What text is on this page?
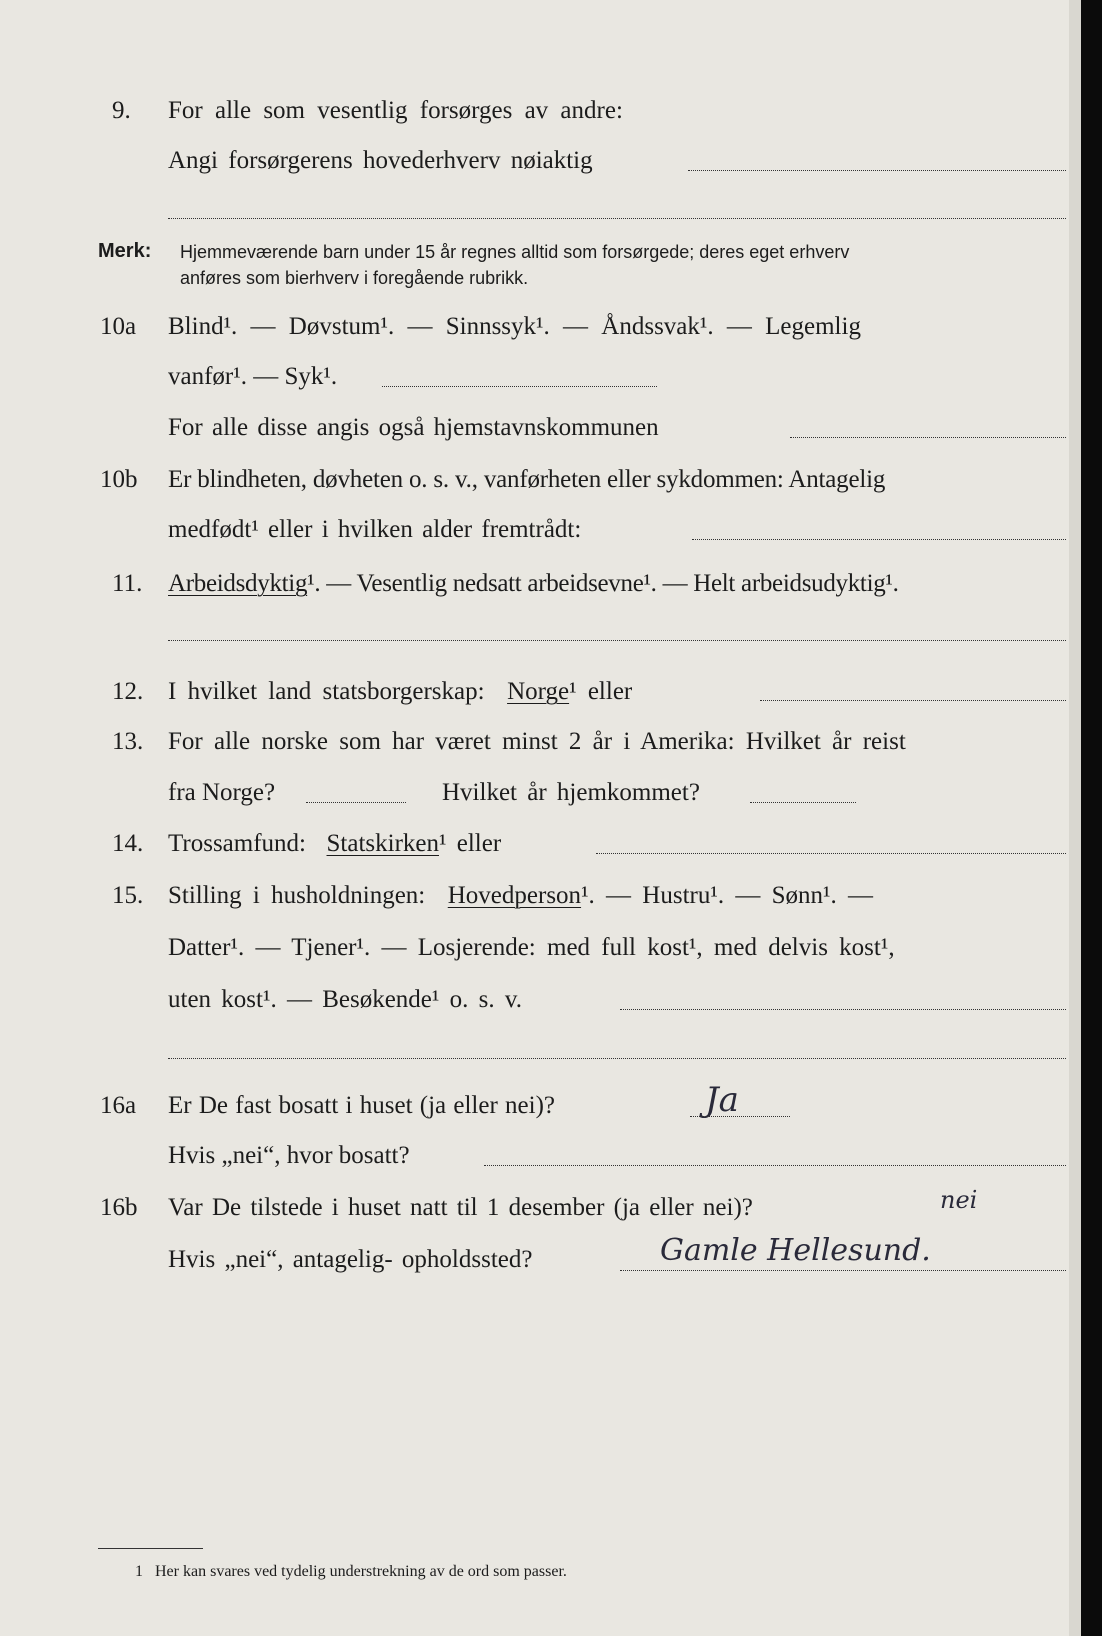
9. For alle som vesentlig forsørges av andre:
Angi forsørgerens hovederhverv nøiaktig
Merk: Hjemmeværende barn under 15 år regnes alltid som forsørgede; deres eget erhverv
anføres som bierhverv i foregående rubrikk.
10a Blind¹. — Døvstum¹. — Sinnssyk¹. — Åndssvak¹. — Legemlig
vanfør¹. — Syk¹.
For alle disse angis også hjemstavnskommunen
10b Er blindheten, døvheten o. s. v., vanførheten eller sykdommen: Antagelig
medfødt¹ eller i hvilken alder fremtrådt:
11. Arbeidsdyktig¹. — Vesentlig nedsatt arbeidsevne¹. — Helt arbeidsudyktig¹.
12. I hvilket land statsborgerskap: Norge¹ eller
13. For alle norske som har været minst 2 år i Amerika: Hvilket år reist
fra Norge?	Hvilket år hjemkommet?
14. Trossamfund: Statskirken¹ eller
15. Stilling i husholdningen: Hovedperson¹. — Hustru¹. — Sønn¹. —
Datter¹. — Tjener¹. — Losjerende: med full kost¹, med delvis kost¹,
uten kost¹. — Besøkende¹ o. s. v.
16a Er De fast bosatt i huset (ja eller nei)?	Ja
Hvis „nei“, hvor bosatt?
16b Var De tilstede i huset natt til 1 desember (ja eller nei)?	nei
Hvis „nei“, antagelig- opholdssted?	Gamle Hellesund.
1 Her kan svares ved tydelig understrekning av de ord som passer.
